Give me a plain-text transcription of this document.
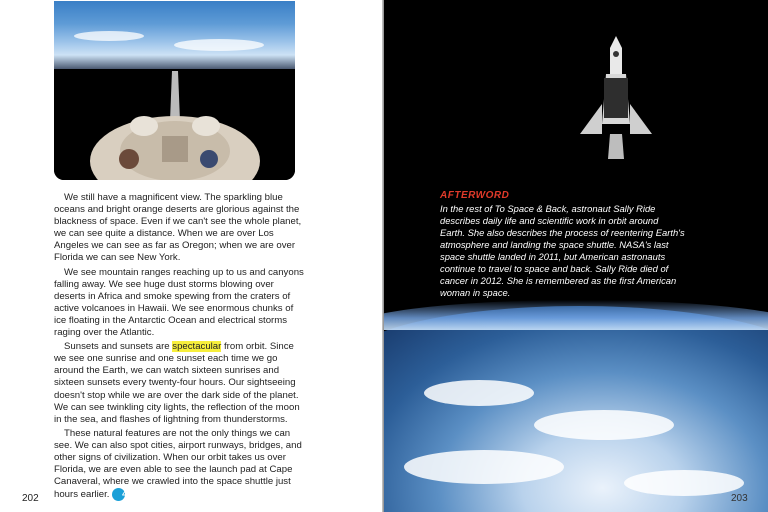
We still have a magnificent view. The sparkling blue oceans and bright orange deserts are glorious against the blackness of space. Even if we can't see the whole planet, we can see quite a distance. When we are over Los Angeles we can see as far as Oregon; when we are over Florida we can see New York.

We see mountain ranges reaching up to us and canyons falling away. We see huge dust storms blowing over deserts in Africa and smoke spewing from the craters of active volcanoes in Hawaii. We see enormous chunks of ice floating in the Antarctic Ocean and electrical storms raging over the Atlantic.

Sunsets and sunsets are spectacular from orbit. Since we see one sunrise and one sunset each time we go around the Earth, we can watch sixteen sunrises and sixteen sunsets every twenty-four hours. Our sightseeing doesn't stop while we are over the dark side of the planet. We can see twinkling city lights, the reflection of the moon in the sea, and flashes of lightning from thunderstorms.

These natural features are not the only things we can see. We can also spot cities, airport runways, bridges, and other signs of civilization. When our orbit takes us over Florida, we are even able to see the launch pad at Cape Canaveral, where we crawled into the space shuttle just hours earlier. 4

202
AFTERWORD
In the rest of To Space & Back, astronaut Sally Ride describes daily life and scientific work in orbit around Earth. She also describes the process of reentering Earth's atmosphere and landing the space shuttle. NASA's last space shuttle landed in 2011, but American astronauts continue to travel to space and back. Sally Ride died of cancer in 2012. She is remembered as the first American woman in space.
203
